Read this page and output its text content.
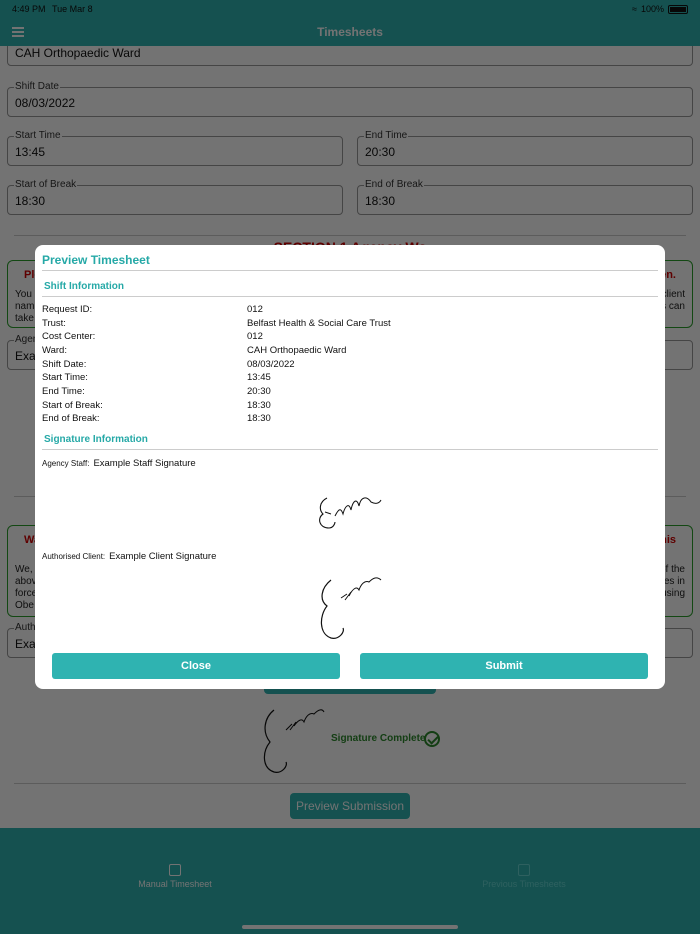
Preview Timesheet
Shift Information
Request ID:	012
Trust:	Belfast Health & Social Care Trust
Cost Center:	012
Ward:	CAH Orthopaedic Ward
Shift Date:	08/03/2022
Start Time:	13:45
End Time:	20:30
Start of Break:	18:30
End of Break:	18:30
Signature Information
Agency Staff: Example Staff Signature
Authorised Client: Example Client Signature
Close	Submit
